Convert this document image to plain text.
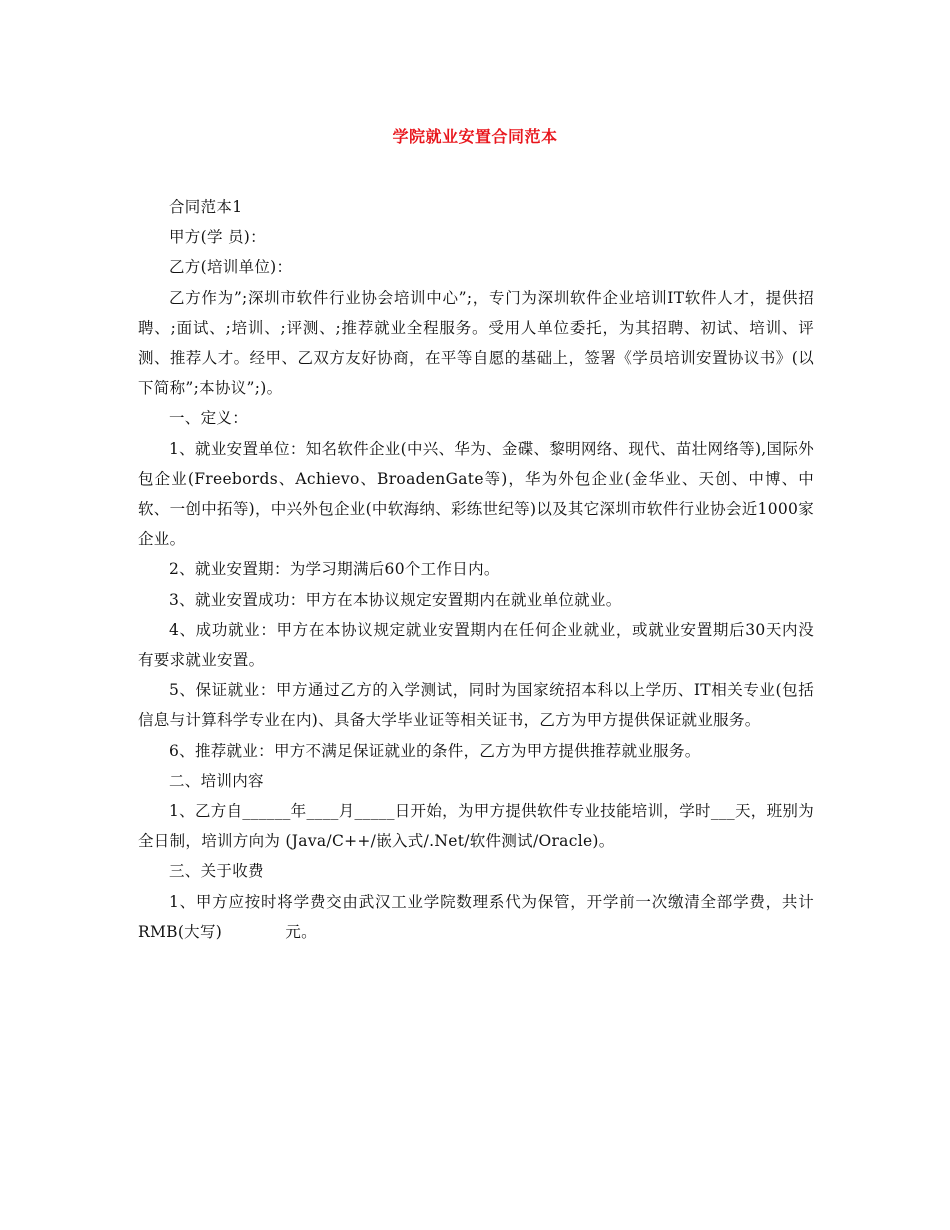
学院就业安置合同范本

合同范本1

甲方(学 员)：

乙方(培训单位)：

乙方作为”;深圳市软件行业协会培训中心”;，专门为深圳软件企业培训IT软件人才，提供招聘、;面试、;培训、;评测、;推荐就业全程服务。受用人单位委托，为其招聘、初试、培训、评测、推荐人才。经甲、乙双方友好协商，在平等自愿的基础上，签署《学员培训安置协议书》(以下简称”;本协议”;)。

一、定义：

1、就业安置单位：知名软件企业(中兴、华为、金碟、黎明网络、现代、苗壮网络等),国际外包企业(Freebords、Achievo、BroadenGate等)，华为外包企业(金华业、天创、中博、中软、一创中拓等)，中兴外包企业(中软海纳、彩练世纪等)以及其它深圳市软件行业协会近1000家企业。

2、就业安置期：为学习期满后60个工作日内。

3、就业安置成功：甲方在本协议规定安置期内在就业单位就业。

4、成功就业：甲方在本协议规定就业安置期内在任何企业就业，或就业安置期后30天内没有要求就业安置。

5、保证就业：甲方通过乙方的入学测试，同时为国家统招本科以上学历、IT相关专业(包括信息与计算科学专业在内)、具备大学毕业证等相关证书，乙方为甲方提供保证就业服务。

6、推荐就业：甲方不满足保证就业的条件，乙方为甲方提供推荐就业服务。

二、培训内容

1、乙方自______年____月_____日开始，为甲方提供软件专业技能培训，学时___天，班别为全日制，培训方向为 (Java/C++/嵌入式/.Net/软件测试/Oracle)。

三、关于收费

1、甲方应按时将学费交由武汉工业学院数理系代为保管，开学前一次缴清全部学费，共计RMB(大写)　　　　元。
